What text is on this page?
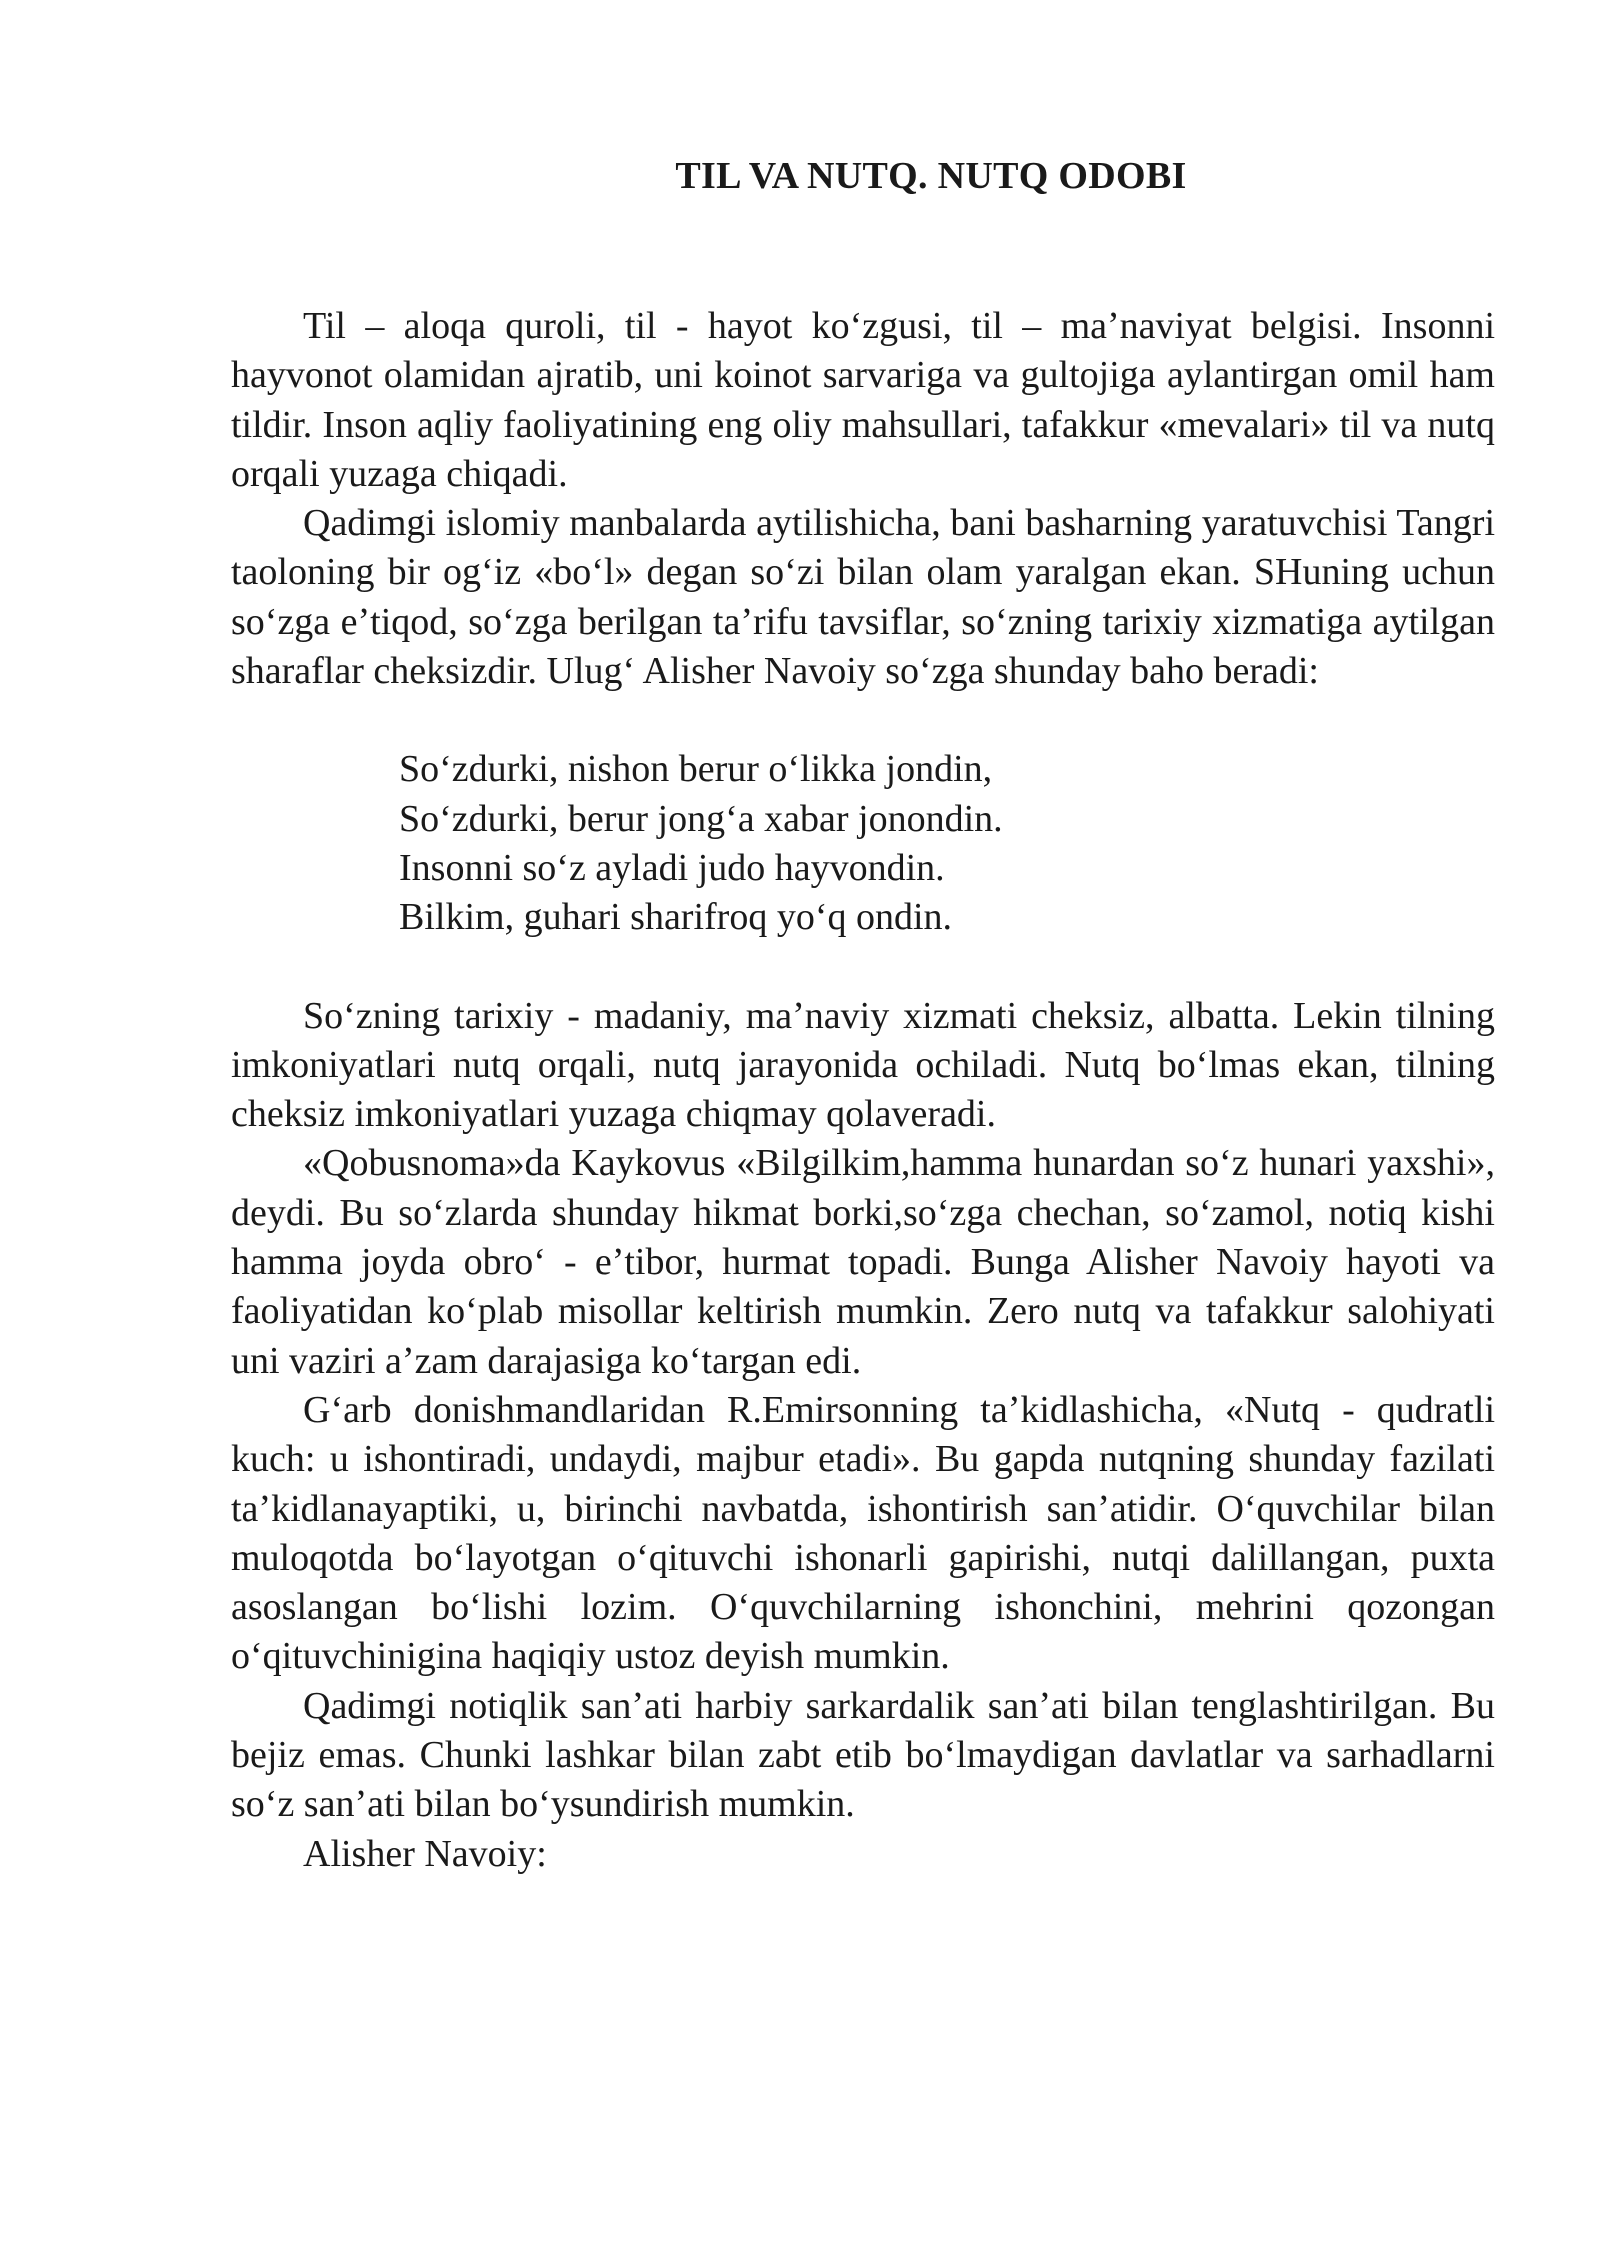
TIL VA NUTQ. NUTQ ODOBI

Til – aloqa quroli, til - hayot koʻzgusi, til – maʼnaviyat belgisi. Insonni hayvonot olamidan ajratib, uni koinot sarvariga va gultojiga aylantirgan omil ham tildir. Inson aqliy faoliyatining eng oliy mahsullari, tafakkur «mevalari» til va nutq orqali yuzaga chiqadi.

Qadimgi islomiy manbalarda aytilishicha, bani basharning yaratuvchisi Tangri taoloning bir ogʻiz «boʻl» degan soʻzi bilan olam yaralgan ekan. SHuning uchun soʻzga eʼtiqod, soʻzga berilgan taʼrifu tavsiflar, soʻzning tarixiy xizmatiga aytilgan sharaflar cheksizdir. Ulugʻ Alisher Navoiy soʻzga shunday baho beradi:

Soʻzdurki, nishon berur oʻlikka jondin,
Soʻzdurki, berur jongʻa xabar jonondin.
Insonni soʻz ayladi judo hayvondin.
Bilkim, guhari sharifroq yoʻq ondin.

Soʻzning tarixiy - madaniy, maʼnaviy xizmati cheksiz, albatta. Lekin tilning imkoniyatlari nutq orqali, nutq jarayonida ochiladi. Nutq boʻlmas ekan, tilning cheksiz imkoniyatlari yuzaga chiqmay qolaveradi.

«Qobusnoma»da Kaykovus «Bilgilkim,hamma hunardan soʻz hunari yaxshi», deydi. Bu soʻzlarda shunday hikmat borki,soʻzga chechan, soʻzamol, notiq kishi hamma joyda obroʻ - eʼtibor, hurmat topadi. Bunga Alisher Navoiy hayoti va faoliyatidan koʻplab misollar keltirish mumkin. Zero nutq va tafakkur salohiyati uni vaziri aʼzam darajasiga koʻtargan edi.

Gʻarb donishmandlaridan R.Emirsonning taʼkidlashicha, «Nutq - qudratli kuch: u ishontiradi, undaydi, majbur etadi». Bu gapda nutqning shunday fazilati taʼkidlanayaptiki, u, birinchi navbatda, ishontirish sanʼatidir. Oʻquvchilar bilan muloqotda boʻlayotgan oʻqituvchi ishonarli gapirishi, nutqi dalillangan, puxta asoslangan boʻlishi lozim. Oʻquvchilarning ishonchini, mehrini qozongan oʻqituvchinigina haqiqiy ustoz deyish mumkin.

Qadimgi notiqlik sanʼati harbiy sarkardalik sanʼati bilan tenglashtirilgan. Bu bejiz emas. Chunki lashkar bilan zabt etib boʻlmaydigan davlatlar va sarhadlarni soʻz sanʼati bilan boʻysundirish mumkin.

Alisher Navoiy:
